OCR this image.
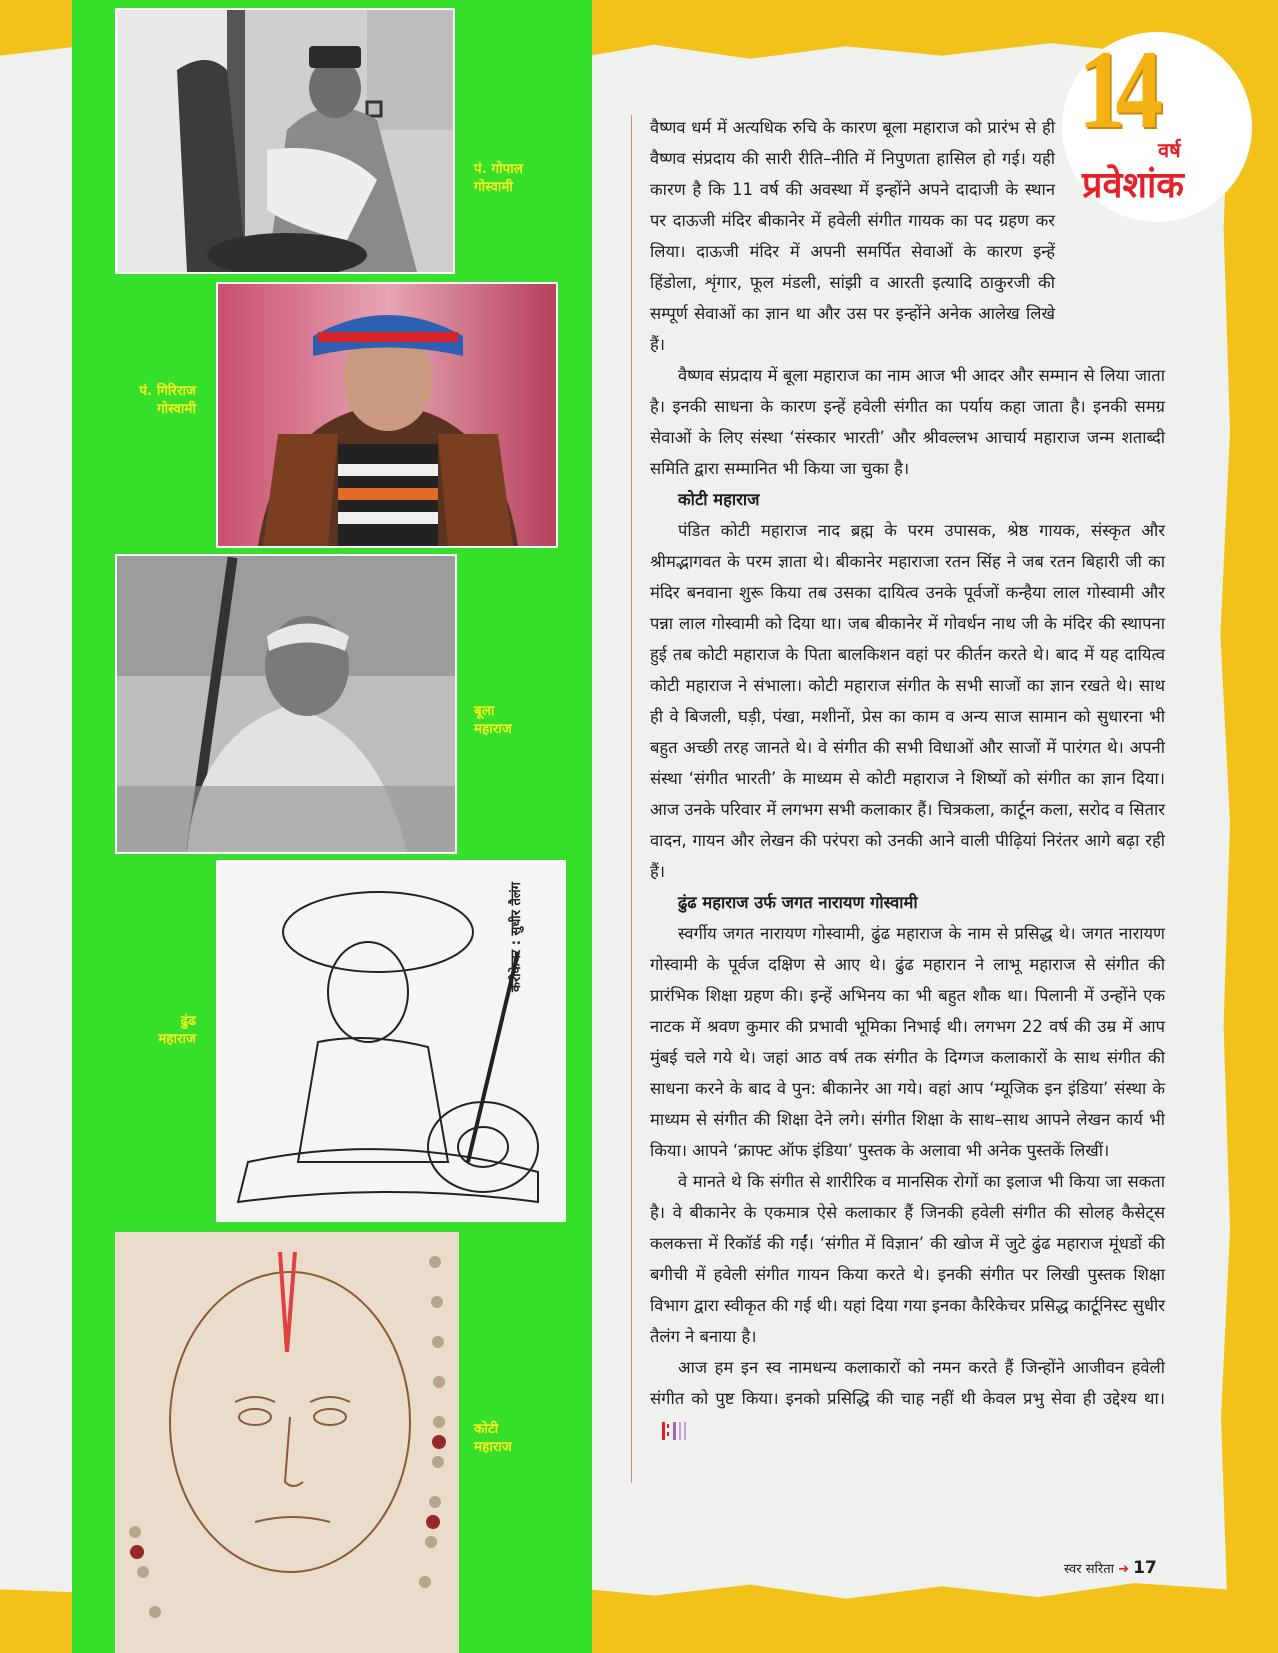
पं. गोपाल
गोस्वामी
पं. गिरिराज
गोस्वामी
बूला
महाराज
कैरीकेचर : सुधीर तैलंग
ढुंढ
महाराज
कोटी
महाराज
14 वर्ष
प्रवेशांक

वैष्णव धर्म में अत्यधिक रुचि के कारण बूला महाराज को प्रारंभ से ही वैष्णव संप्रदाय की सारी रीति–नीति में निपुणता हासिल हो गई। यही कारण है कि 11 वर्ष की अवस्था में इन्होंने अपने दादाजी के स्थान पर दाऊजी मंदिर बीकानेर में हवेली संगीत गायक का पद ग्रहण कर लिया। दाऊजी मंदिर में अपनी समर्पित सेवाओं के कारण इन्हें हिंडोला, शृंगार, फूल मंडली, सांझी व आरती इत्यादि ठाकुरजी की सम्पूर्ण सेवाओं का ज्ञान था और उस पर इन्होंने अनेक आलेख लिखे हैं।

वैष्णव संप्रदाय में बूला महाराज का नाम आज भी आदर और सम्मान से लिया जाता है। इनकी साधना के कारण इन्हें हवेली संगीत का पर्याय कहा जाता है। इनकी समग्र सेवाओं के लिए संस्था ‘संस्कार भारती’ और श्रीवल्लभ आचार्य महाराज जन्म शताब्दी समिति द्वारा सम्मानित भी किया जा चुका है।

कोटी महाराज

पंडित कोटी महाराज नाद ब्रह्म के परम उपासक, श्रेष्ठ गायक, संस्कृत और श्रीमद्भागवत के परम ज्ञाता थे। बीकानेर महाराजा रतन सिंह ने जब रतन बिहारी जी का मंदिर बनवाना शुरू किया तब उसका दायित्व उनके पूर्वजों कन्हैया लाल गोस्वामी और पन्ना लाल गोस्वामी को दिया था। जब बीकानेर में गोवर्धन नाथ जी के मंदिर की स्थापना हुई तब कोटी महाराज के पिता बालकिशन वहां पर कीर्तन करते थे। बाद में यह दायित्व कोटी महाराज ने संभाला। कोटी महाराज संगीत के सभी साजों का ज्ञान रखते थे। साथ ही वे बिजली, घड़ी, पंखा, मशीनों, प्रेस का काम व अन्य साज सामान को सुधारना भी बहुत अच्छी तरह जानते थे। वे संगीत की सभी विधाओं और साजों में पारंगत थे। अपनी संस्था ‘संगीत भारती’ के माध्यम से कोटी महाराज ने शिष्यों को संगीत का ज्ञान दिया। आज उनके परिवार में लगभग सभी कलाकार हैं। चित्रकला, कार्टून कला, सरोद व सितार वादन, गायन और लेखन की परंपरा को उनकी आने वाली पीढ़ियां निरंतर आगे बढ़ा रही हैं।

ढुंढ महाराज उर्फ जगत नारायण गोस्वामी

स्वर्गीय जगत नारायण गोस्वामी, ढुंढ महाराज के नाम से प्रसिद्ध थे। जगत नारायण गोस्वामी के पूर्वज दक्षिण से आए थे। ढुंढ महारान ने लाभू महाराज से संगीत की प्रारंभिक शिक्षा ग्रहण की। इन्हें अभिनय का भी बहुत शौक था। पिलानी में उन्होंने एक नाटक में श्रवण कुमार की प्रभावी भूमिका निभाई थी। लगभग 22 वर्ष की उम्र में आप मुंबई चले गये थे। जहां आठ वर्ष तक संगीत के दिग्गज कलाकारों के साथ संगीत की साधना करने के बाद वे पुन: बीकानेर आ गये। वहां आप ‘म्यूजिक इन इंडिया’ संस्था के माध्यम से संगीत की शिक्षा देने लगे। संगीत शिक्षा के साथ–साथ आपने लेखन कार्य भी किया। आपने ‘क्राफ्ट ऑफ इंडिया’ पुस्तक के अलावा भी अनेक पुस्तकें लिखीं।

वे मानते थे कि संगीत से शारीरिक व मानसिक रोगों का इलाज भी किया जा सकता है। वे बीकानेर के एकमात्र ऐसे कलाकार हैं जिनकी हवेली संगीत की सोलह कैसेट्स कलकत्ता में रिकॉर्ड की गईं। ‘संगीत में विज्ञान’ की खोज में जुटे ढुंढ महाराज मूंधडों की बगीची में हवेली संगीत गायन किया करते थे। इनकी संगीत पर लिखी पुस्तक शिक्षा विभाग द्वारा स्वीकृत की गई थी। यहां दिया गया इनका कैरिकेचर प्रसिद्ध कार्टूनिस्ट सुधीर तैलंग ने बनाया है।

आज हम इन स्व नामधन्य कलाकारों को नमन करते हैं जिन्होंने आजीवन हवेली संगीत को पुष्ट किया। इनको प्रसिद्धि की चाह नहीं थी केवल प्रभु सेवा ही उद्देश्य था।

स्वर सरिता ➜ 17
